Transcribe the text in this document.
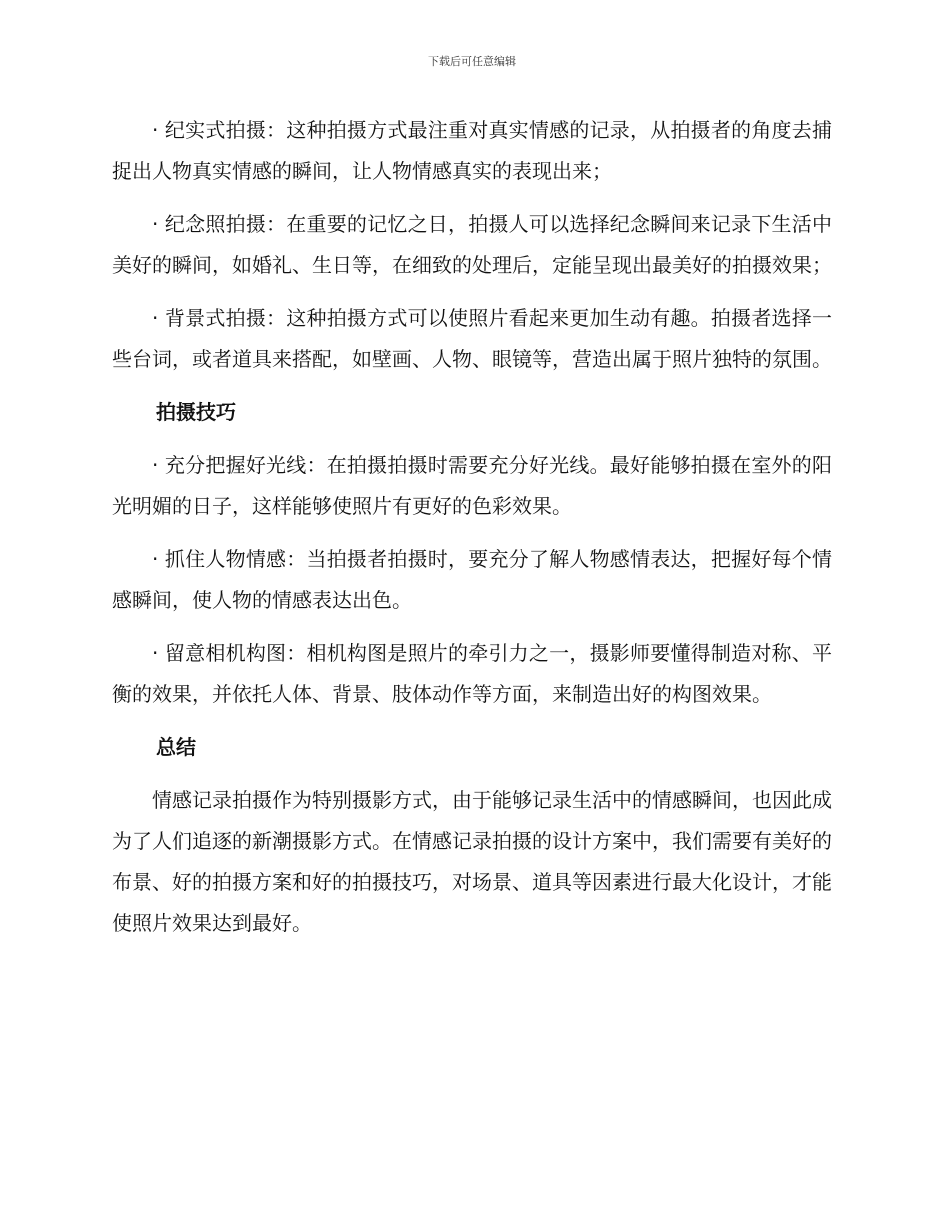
下载后可任意编辑

· 纪实式拍摄：这种拍摄方式最注重对真实情感的记录，从拍摄者的角度去捕捉出人物真实情感的瞬间，让人物情感真实的表现出来；

· 纪念照拍摄：在重要的记忆之日，拍摄人可以选择纪念瞬间来记录下生活中美好的瞬间，如婚礼、生日等，在细致的处理后，定能呈现出最美好的拍摄效果；

· 背景式拍摄：这种拍摄方式可以使照片看起来更加生动有趣。拍摄者选择一些台词，或者道具来搭配，如壁画、人物、眼镜等，营造出属于照片独特的氛围。

拍摄技巧

· 充分把握好光线：在拍摄拍摄时需要充分好光线。最好能够拍摄在室外的阳光明媚的日子，这样能够使照片有更好的色彩效果。

· 抓住人物情感：当拍摄者拍摄时，要充分了解人物感情表达，把握好每个情感瞬间，使人物的情感表达出色。

· 留意相机构图：相机构图是照片的牵引力之一，摄影师要懂得制造对称、平衡的效果，并依托人体、背景、肢体动作等方面，来制造出好的构图效果。

总结

情感记录拍摄作为特别摄影方式，由于能够记录生活中的情感瞬间，也因此成为了人们追逐的新潮摄影方式。在情感记录拍摄的设计方案中，我们需要有美好的布景、好的拍摄方案和好的拍摄技巧，对场景、道具等因素进行最大化设计，才能使照片效果达到最好。
